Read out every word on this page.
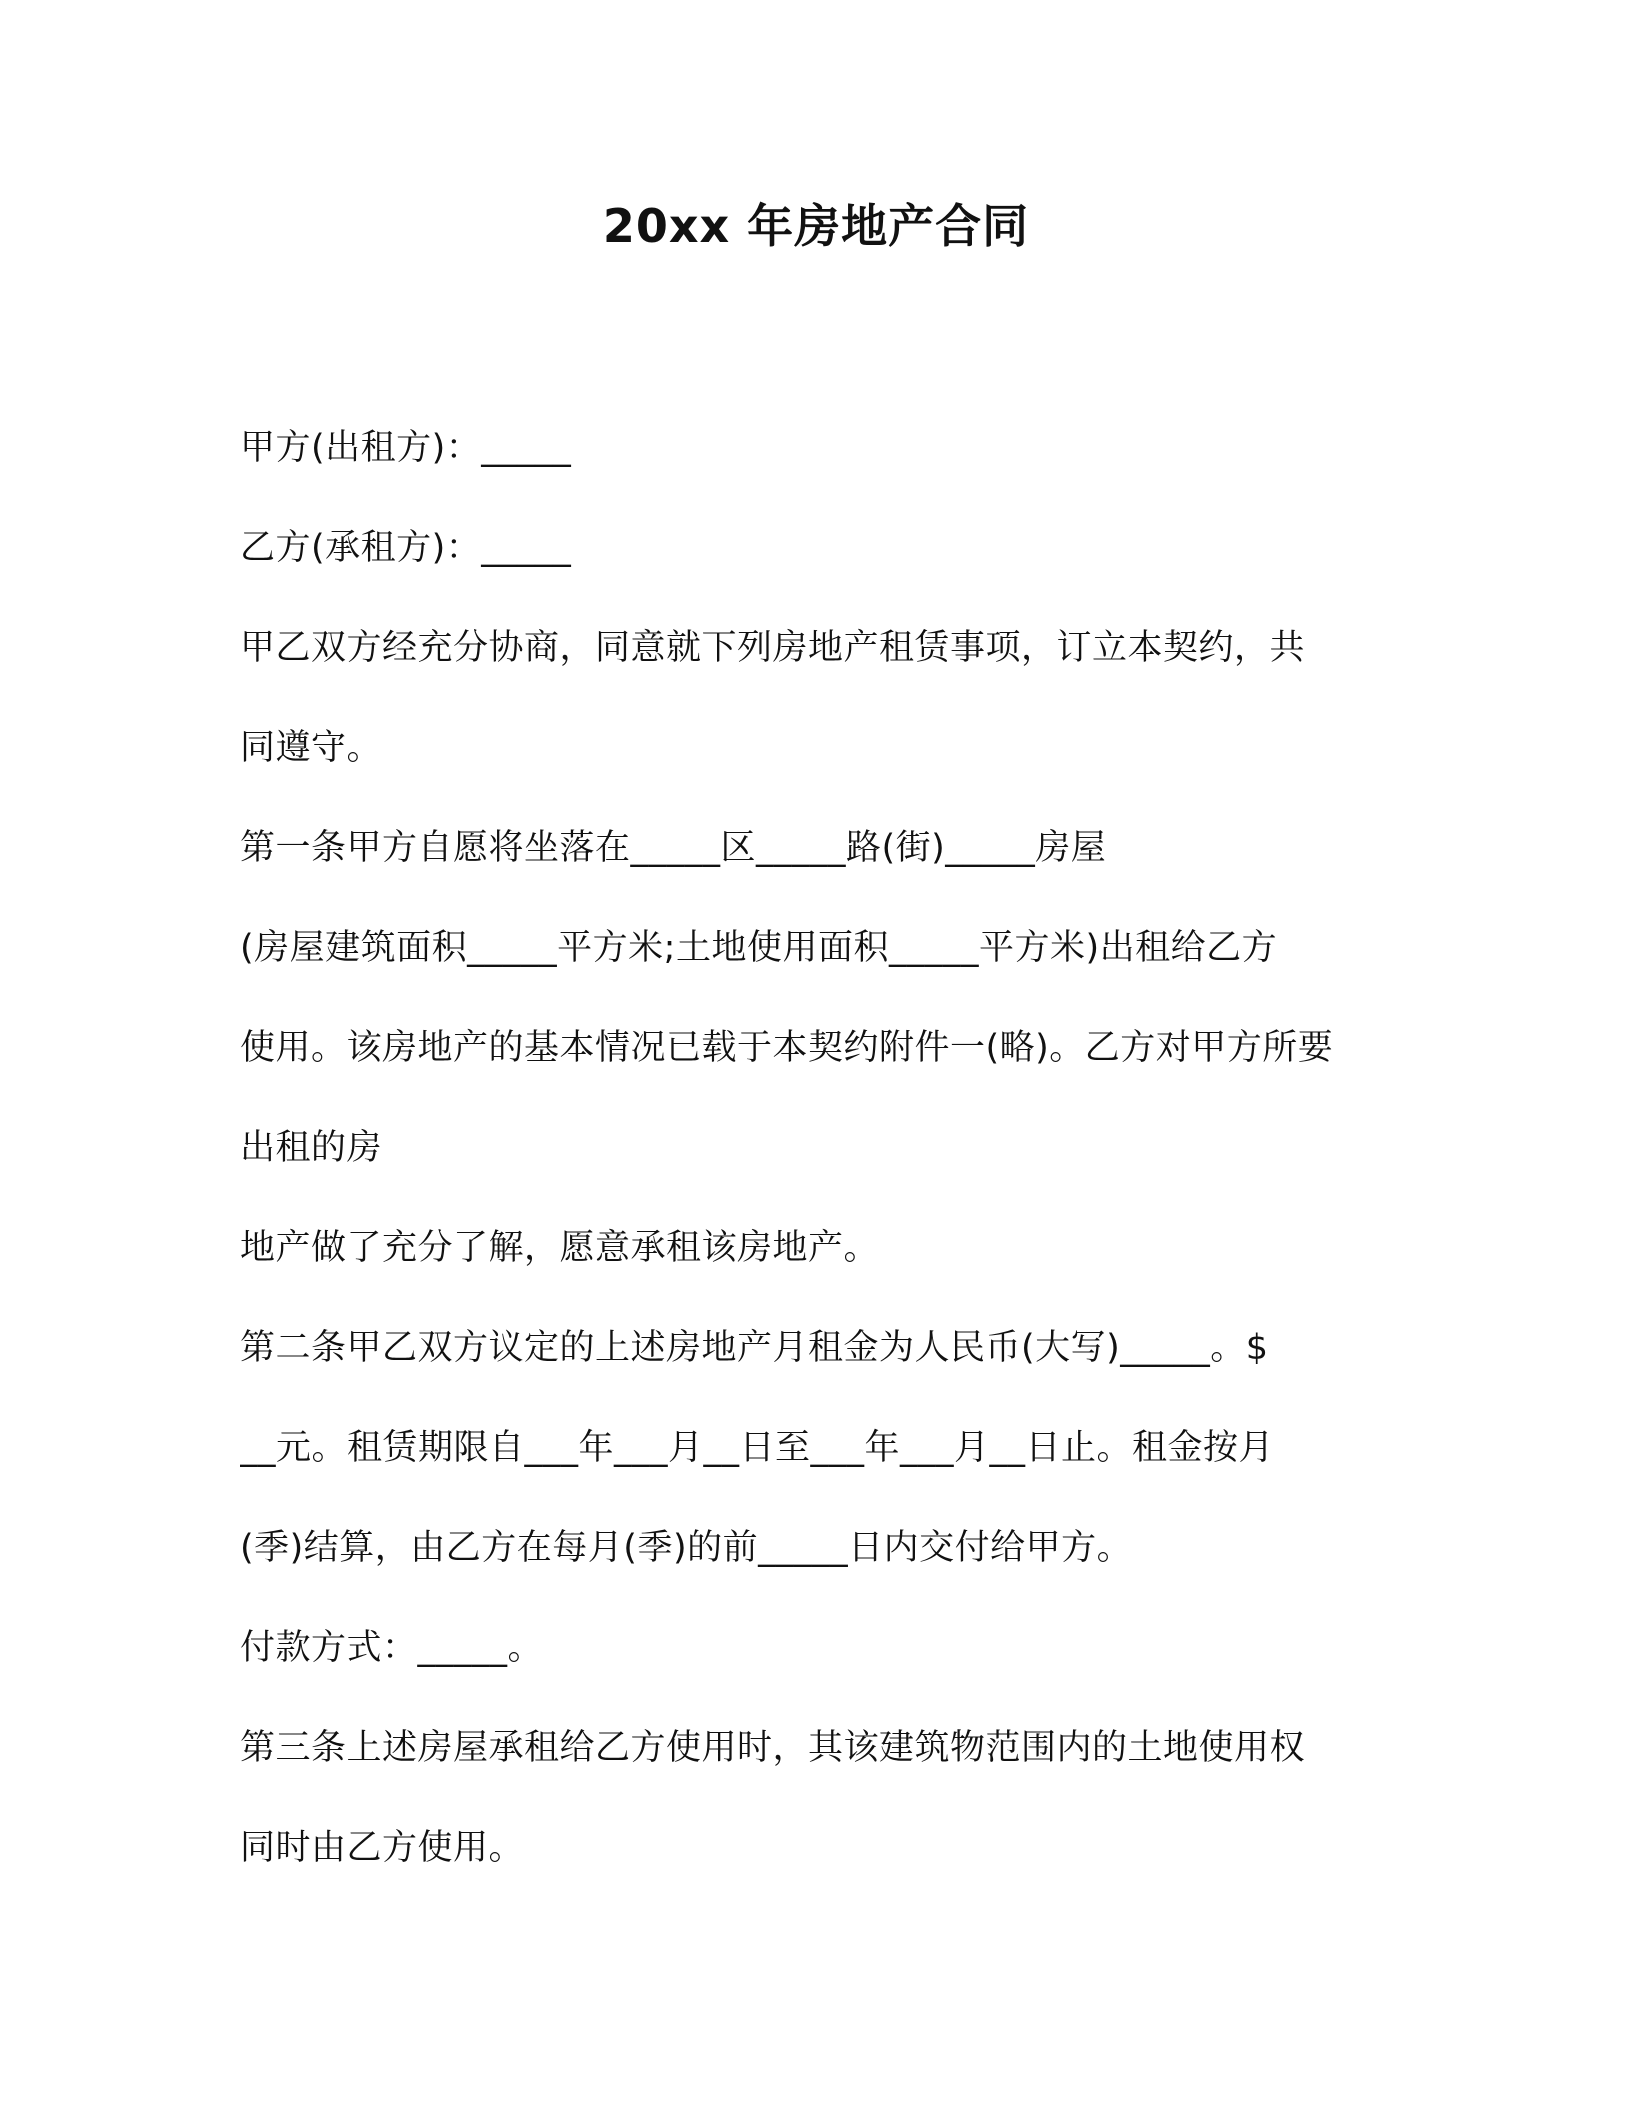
20xx 年房地产合同
甲方(出租方)：_____
乙方(承租方)：_____
甲乙双方经充分协商，同意就下列房地产租赁事项，订立本契约，共
同遵守。
第一条甲方自愿将坐落在_____区_____路(街)_____房屋
(房屋建筑面积_____平方米;土地使用面积_____平方米)出租给乙方
使用。该房地产的基本情况已载于本契约附件一(略)。乙方对甲方所要
出租的房
地产做了充分了解，愿意承租该房地产。
第二条甲乙双方议定的上述房地产月租金为人民币(大写)_____。$
__元。租赁期限自___年___月__日至___年___月__日止。租金按月
(季)结算，由乙方在每月(季)的前_____日内交付给甲方。
付款方式：_____。
第三条上述房屋承租给乙方使用时，其该建筑物范围内的土地使用权
同时由乙方使用。
